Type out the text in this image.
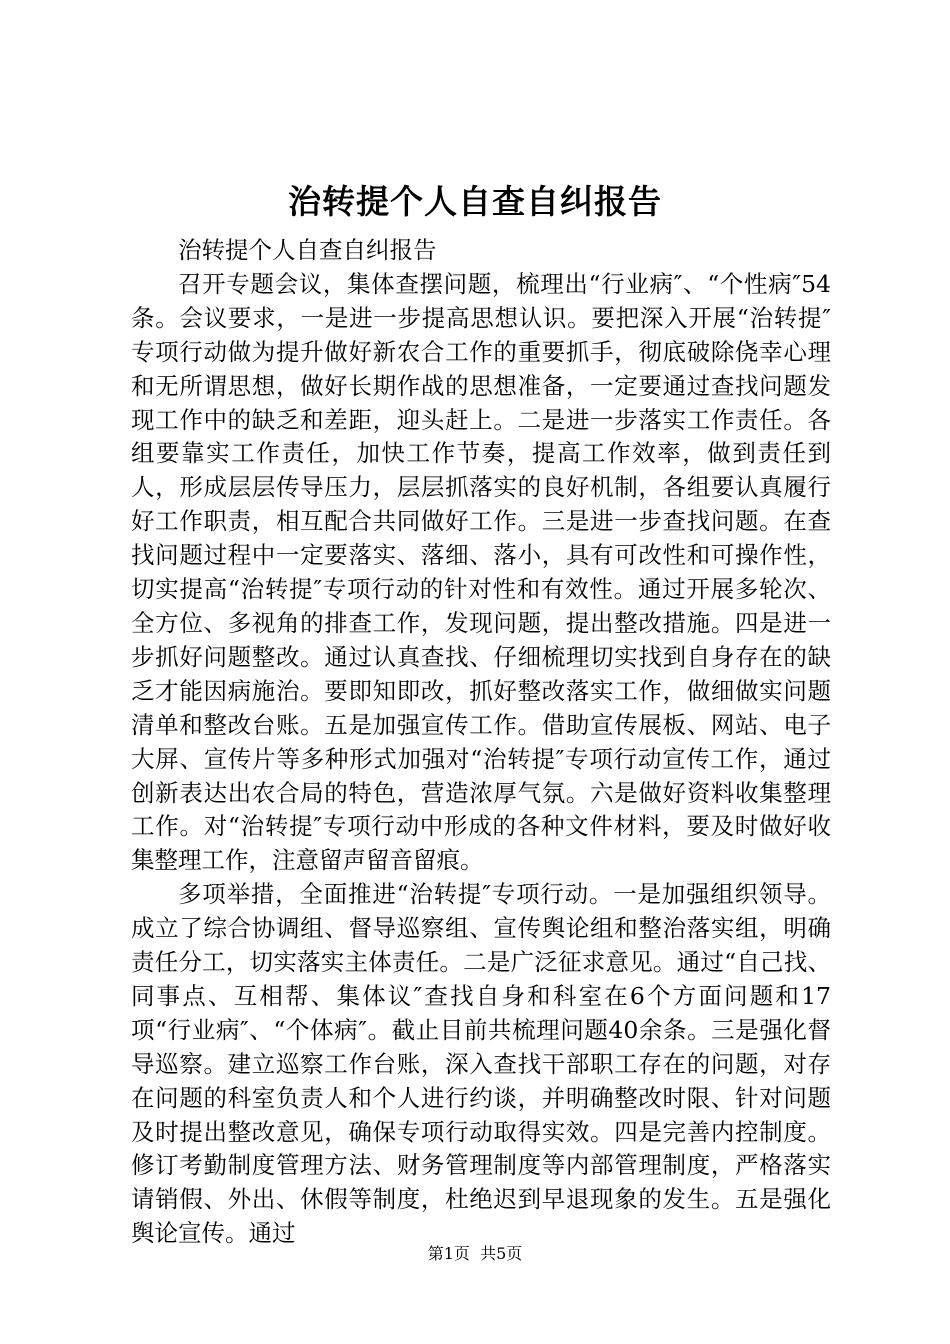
治转提个人自查自纠报告

治转提个人自查自纠报告

召开专题会议，集体查摆问题，梳理出“行业病″、“个性病″54条。会议要求，一是进一步提高思想认识。要把深入开展“治转提″专项行动做为提升做好新农合工作的重要抓手，彻底破除侥幸心理和无所谓思想，做好长期作战的思想准备，一定要通过查找问题发现工作中的缺乏和差距，迎头赶上。二是进一步落实工作责任。各组要靠实工作责任，加快工作节奏，提高工作效率，做到责任到人，形成层层传导压力，层层抓落实的良好机制，各组要认真履行好工作职责，相互配合共同做好工作。三是进一步查找问题。在查找问题过程中一定要落实、落细、落小，具有可改性和可操作性，切实提高“治转提″专项行动的针对性和有效性。通过开展多轮次、全方位、多视角的排查工作，发现问题，提出整改措施。四是进一步抓好问题整改。通过认真查找、仔细梳理切实找到自身存在的缺乏才能因病施治。要即知即改，抓好整改落实工作，做细做实问题清单和整改台账。五是加强宣传工作。借助宣传展板、网站、电子大屏、宣传片等多种形式加强对“治转提″专项行动宣传工作，通过创新表达出农合局的特色，营造浓厚气氛。六是做好资料收集整理工作。对“治转提″专项行动中形成的各种文件材料，要及时做好收集整理工作，注意留声留音留痕。

多项举措，全面推进“治转提″专项行动。一是加强组织领导。成立了综合协调组、督导巡察组、宣传舆论组和整治落实组，明确责任分工，切实落实主体责任。二是广泛征求意见。通过“自己找、同事点、互相帮、集体议″查找自身和科室在6个方面问题和17项“行业病″、“个体病″。截止目前共梳理问题40余条。三是强化督导巡察。建立巡察工作台账，深入查找干部职工存在的问题，对存在问题的科室负责人和个人进行约谈，并明确整改时限、针对问题及时提出整改意见，确保专项行动取得实效。四是完善内控制度。修订考勤制度管理方法、财务管理制度等内部管理制度，严格落实请销假、外出、休假等制度，杜绝迟到早退现象的发生。五是强化舆论宣传。通过

第1页 共5页
